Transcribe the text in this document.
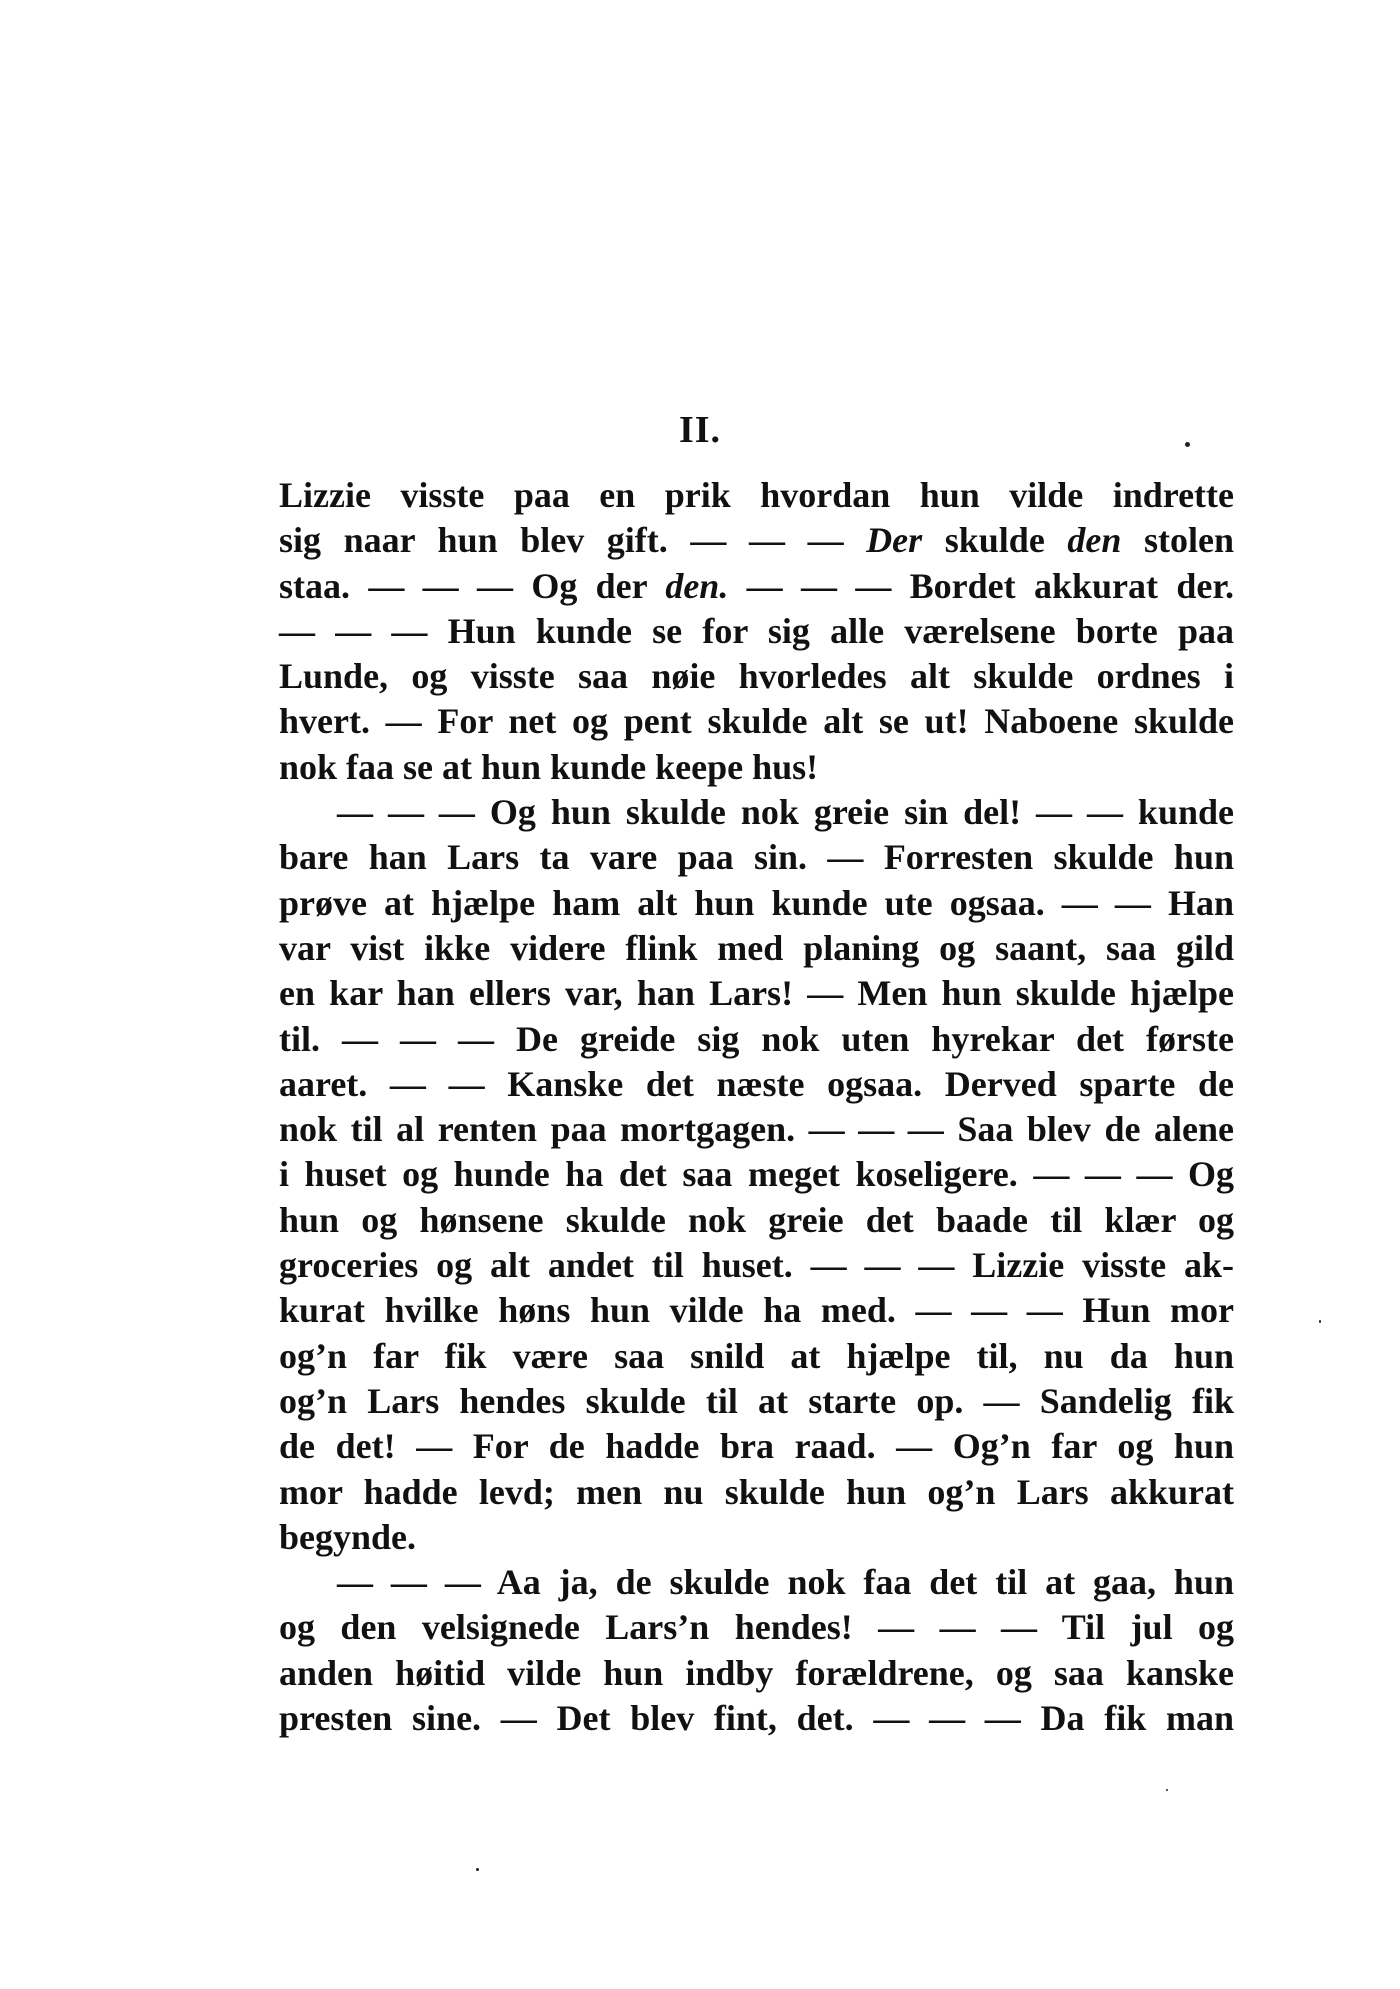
II.
Lizzie visste paa en prik hvordan hun vilde indrette
sig naar hun blev gift. — — — Der skulde den stolen
staa. — — — Og der den. — — — Bordet akkurat der.
— — — Hun kunde se for sig alle værelsene borte paa
Lunde, og visste saa nøie hvorledes alt skulde ordnes i
hvert. — For net og pent skulde alt se ut! Naboene skulde
nok faa se at hun kunde keepe hus!
— — — Og hun skulde nok greie sin del! — — kunde
bare han Lars ta vare paa sin. — Forresten skulde hun
prøve at hjælpe ham alt hun kunde ute ogsaa. — — Han
var vist ikke videre flink med planing og saant, saa gild
en kar han ellers var, han Lars! — Men hun skulde hjælpe
til. — — — De greide sig nok uten hyrekar det første
aaret. — — Kanske det næste ogsaa. Derved sparte de
nok til al renten paa mortgagen. — — — Saa blev de alene
i huset og hunde ha det saa meget koseligere. — — — Og
hun og hønsene skulde nok greie det baade til klær og
groceries og alt andet til huset. — — — Lizzie visste ak-
kurat hvilke høns hun vilde ha med. — — — Hun mor
og’n far fik være saa snild at hjælpe til, nu da hun
og’n Lars hendes skulde til at starte op. — Sandelig fik
de det! — For de hadde bra raad. — Og’n far og hun
mor hadde levd; men nu skulde hun og’n Lars akkurat
begynde.
— — — Aa ja, de skulde nok faa det til at gaa, hun
og den velsignede Lars’n hendes! — — — Til jul og
anden høitid vilde hun indby forældrene, og saa kanske
presten sine. — Det blev fint, det. — — — Da fik man
